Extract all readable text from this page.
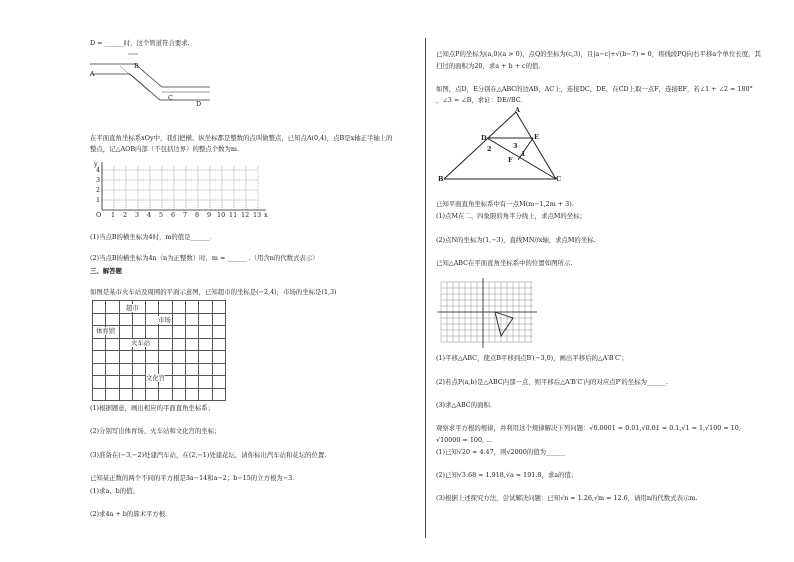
D = ______时，这个管道符合要求.
A
B
C
D
在平面直角坐标系xOy中，我们把横、纵坐标都是整数的点叫做整点，已知点A(0,4)，点B是x轴正半轴上的
整点，记△AOB内部（不包括边界）的整点个数为m.
y
4
3
2
1
O 1 2 3 4 5 6 7 8 9 10 11 12 13 x
(1)当点B的横坐标为4时，m的值是______.
(2)当点B的横坐标为4n（n为正整数）时，m = ______ .（用含n的代数式表示）
三、解答题
如图是某市火车站及周围的平面示意图，已知超市的坐标是(−2,4)，市场的坐标是(1,3)

超市
市场
体育馆
火车站
文化宫
(1)根据题意，画出相应的平面直角坐标系；
(2)分别写出体育场、火车站和文化宫的坐标；
(3)准备在(−3,−2)处建汽车站，在(2,−1)处建花坛，请你标出汽车站和花坛的位置.
已知某正数的两个不同的平方根是3a−14和a−2；b−15的立方根为−3.
(1)求a、b的值；
(2)求4a + b的算术平方根.
已知点P的坐标为(a,0)(a > 0)，点Q的坐标为(c,3)，且|a−c|+√(b−7) = 0，将线段PQ向右平移a个单位长度，其
扫过的面积为20，求a + b + c的值.
如图，点D，E分别在△ABC的边AB，AC上，连接DC，DE，在CD上取一点F，连接EF，若∠1 + ∠2 = 180°
，∠3 = ∠B，求证：DE//BC.
A
B	C
D	E
F
1
2	3
已知平面直角坐标系中有一点M(m−1,2m + 3).
(1)点M在二、四象限的角平分线上，求点M的坐标；
(2)点N的坐标为(1,−3)，直线MN//x轴，求点M的坐标.
已知△ABC在平面直角坐标系中的位置如图所示.
(1)平移△ABC，使点B平移到点B′(−3,0)，画出平移后的△A′B′C′；
(2)若点P(a,b)是△ABC内部一点，则平移后△A′B′C′内的对应点P′的坐标为______.
(3)求△ABC的面积.
观察求平方根的规律，并利用这个规律解决下列问题：√0.0001 = 0.01,√0.01 = 0.1,√1 = 1,√100 = 10,
√10000 = 100, ...
(1)已知√20 ≈ 4.47，则√2000的值为______
(2)已知√3.68 ≈ 1.918,√a ≈ 191.8，求a的值；
(3)根据上述探究方法，尝试解决问题：已知√n ≈ 1.26,√m ≈ 12.6，请用n的代数式表示m.
